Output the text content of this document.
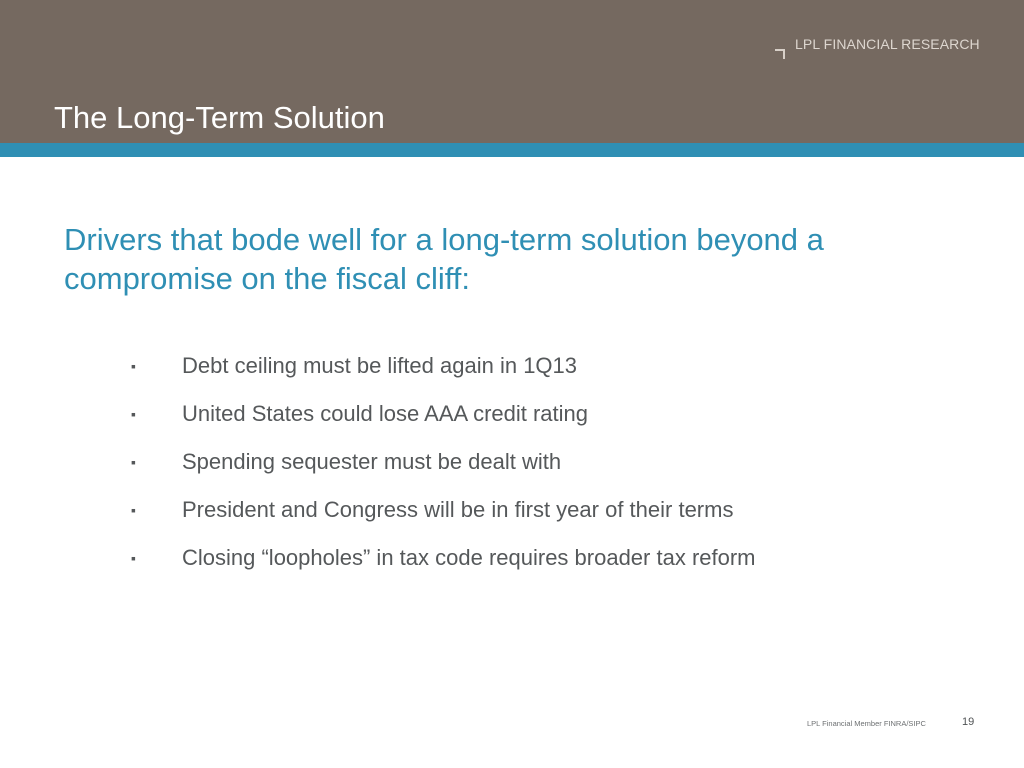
LPL FINANCIAL RESEARCH
The Long-Term Solution
Drivers that bode well for a long-term solution beyond a compromise on the fiscal cliff:
▪	Debt ceiling must be lifted again in 1Q13
▪	United States could lose AAA credit rating
▪	Spending sequester must be dealt with
▪	President and Congress will be in first year of their terms
▪	Closing “loopholes” in tax code requires broader tax reform
LPL Financial Member FINRA/SIPC	19
